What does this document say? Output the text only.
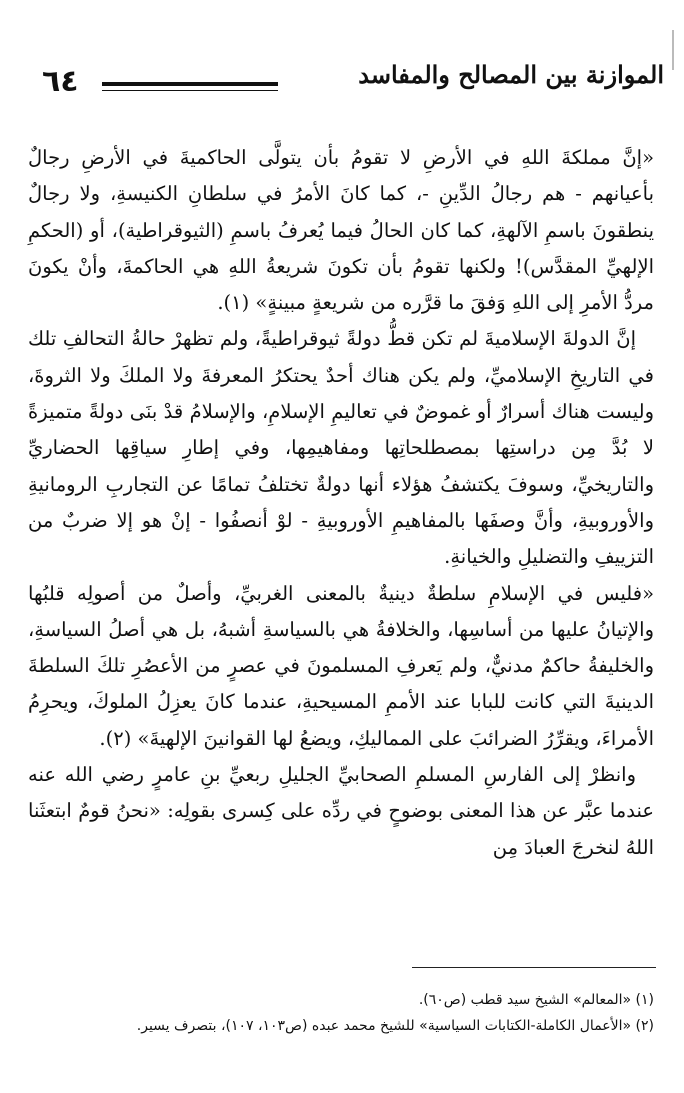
٦٤	الموازنة بين المصالح والمفاسد

«إنَّ مملكةَ اللهِ في الأرضِ لا تقومُ بأن يتولَّى الحاكميةَ في الأرضِ رجالٌ بأعيانهم - هم رجالُ الدِّينِ -، كما كانَ الأمرُ في سلطانِ الكنيسةِ، ولا رجالٌ ينطقونَ باسمِ الآلهةِ، كما كان الحالُ فيما يُعرفُ باسمِ (الثيوقراطية)، أو (الحكمِ الإلهيِّ المقدَّس)! ولكنها تقومُ بأن تكونَ شريعةُ اللهِ هي الحاكمةَ، وأنْ يكونَ مردُّ الأمرِ إلى اللهِ وَفقَ ما قرَّره من شريعةٍ مبينةٍ» (١).

إنَّ الدولةَ الإسلاميةَ لم تكن قطُّ دولةً ثيوقراطيةً، ولم تظهرْ حالةُ التحالفِ تلك في التاريخِ الإسلاميِّ، ولم يكن هناك أحدٌ يحتكرُ المعرفةَ ولا الملكَ ولا الثروةَ، وليست هناك أسرارٌ أو غموضٌ في تعاليمِ الإسلامِ، والإسلامُ قدْ بنَى دولةً متميزةً لا بُدَّ مِن دراستِها بمصطلحاتِها ومفاهيمِها، وفي إطارِ سياقِها الحضاريِّ والتاريخيِّ، وسوفَ يكتشفُ هؤلاء أنها دولةٌ تختلفُ تمامًا عن التجاربِ الرومانيةِ والأوروبيةِ، وأنَّ وصفَها بالمفاهيمِ الأوروبيةِ - لوْ أنصفُوا - إنْ هو إلا ضربٌ من التزييفِ والتضليلِ والخيانةِ.

«فليس في الإسلامِ سلطةٌ دينيةٌ بالمعنى الغربيِّ، وأصلٌ من أصولِه قلبُها والإتيانُ عليها من أساسِها، والخلافةُ هي بالسياسةِ أشبهُ، بل هي أصلُ السياسةِ، والخليفةُ حاكمٌ مدنيٌّ، ولم يَعرفِ المسلمونَ في عصرٍ من الأعصُرِ تلكَ السلطةَ الدينيةَ التي كانت للبابا عند الأممِ المسيحيةِ، عندما كانَ يعزِلُ الملوكَ، ويحرِمُ الأمراءَ، ويقرِّرُ الضرائبَ على المماليكِ، ويضعُ لها القوانينَ الإلهيةَ» (٢).

وانظرْ إلى الفارسِ المسلمِ الصحابيِّ الجليلِ ربعيِّ بنِ عامرٍ رضي الله عنه عندما عبَّر عن هذا المعنى بوضوحٍ في ردِّه على كِسرى بقولِه: «نحنُ قومٌ ابتعثَنا اللهُ لنخرجَ العبادَ مِن

(١) «المعالم» الشيخ سيد قطب (ص٦٠).
(٢) «الأعمال الكاملة-الكتابات السياسية» للشيخ محمد عبده (ص١٠٣، ١٠٧)، بتصرف يسير.
